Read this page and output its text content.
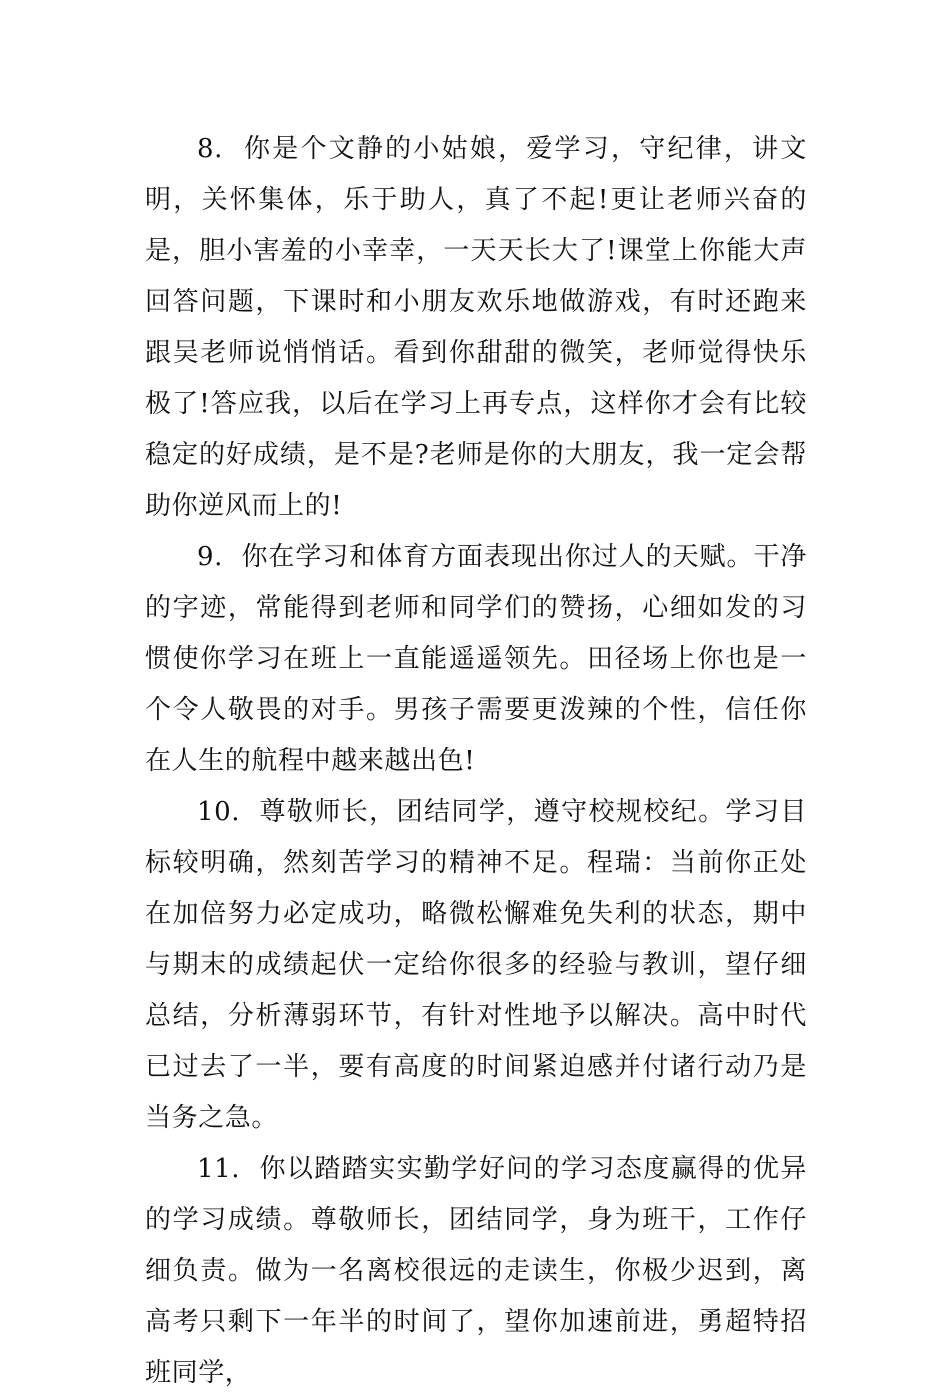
8. 你是个文静的小姑娘，爱学习，守纪律，讲文明，关怀集体，乐于助人，真了不起!更让老师兴奋的是，胆小害羞的小幸幸，一天天长大了!课堂上你能大声回答问题，下课时和小朋友欢乐地做游戏，有时还跑来跟吴老师说悄悄话。看到你甜甜的微笑，老师觉得快乐极了!答应我，以后在学习上再专点，这样你才会有比较稳定的好成绩，是不是?老师是你的大朋友，我一定会帮助你逆风而上的!

9. 你在学习和体育方面表现出你过人的天赋。干净的字迹，常能得到老师和同学们的赞扬，心细如发的习惯使你学习在班上一直能遥遥领先。田径场上你也是一个令人敬畏的对手。男孩子需要更泼辣的个性，信任你在人生的航程中越来越出色!

10. 尊敬师长，团结同学，遵守校规校纪。学习目标较明确，然刻苦学习的精神不足。程瑞：当前你正处在加倍努力必定成功，略微松懈难免失利的状态，期中与期末的成绩起伏一定给你很多的经验与教训，望仔细总结，分析薄弱环节，有针对性地予以解决。高中时代已过去了一半，要有高度的时间紧迫感并付诸行动乃是当务之急。

11. 你以踏踏实实勤学好问的学习态度赢得的优异的学习成绩。尊敬师长，团结同学，身为班干，工作仔细负责。做为一名离校很远的走读生，你极少迟到，离高考只剩下一年半的时间了，望你加速前进，勇超特招班同学，
